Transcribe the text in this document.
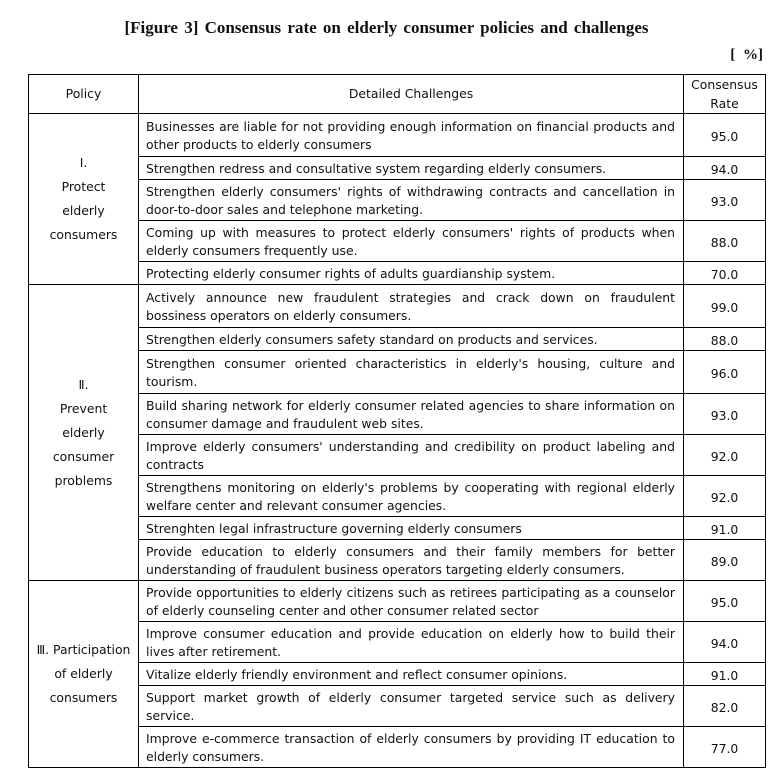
[Figure 3] Consensus rate on elderly consumer policies and challenges
[ %]
Policy	Detailed Challenges	Consensus
Rate
Ⅰ.
Protect
elderly
consumers	Businesses are liable for not providing enough information on financial products and other products to elderly consumers	95.0
	Strengthen redress and consultative system regarding elderly consumers.	94.0
	Strengthen elderly consumers' rights of withdrawing contracts and cancellation in door-to-door sales and telephone marketing.	93.0
	Coming up with measures to protect elderly consumers' rights of products when elderly consumers frequently use.	88.0
	Protecting elderly consumer rights of adults guardianship system.	70.0
Ⅱ.
Prevent
elderly
consumer
problems	Actively announce new fraudulent strategies and crack down on fraudulent bossiness operators on elderly consumers.	99.0
	Strengthen elderly consumers safety standard on products and services.	88.0
	Strengthen consumer oriented characteristics in elderly's housing, culture and tourism.	96.0
	Build sharing network for elderly consumer related agencies to share information on consumer damage and fraudulent web sites.	93.0
	Improve elderly consumers' understanding and credibility on product labeling and contracts	92.0
	Strengthens monitoring on elderly's problems by cooperating with regional elderly welfare center and relevant consumer agencies.	92.0
	Strenghten legal infrastructure governing elderly consumers	91.0
	Provide education to elderly consumers and their family members for better understanding of fraudulent business operators targeting elderly consumers.	89.0
Ⅲ. Participation
of elderly
consumers	Provide opportunities to elderly citizens such as retirees participating as a counselor of elderly counseling center and other consumer related sector	95.0
	Improve consumer education and provide education on elderly how to build their lives after retirement.	94.0
	Vitalize elderly friendly environment and reflect consumer opinions.	91.0
	Support market growth of elderly consumer targeted service such as delivery service.	82.0
	Improve e-commerce transaction of elderly consumers by providing IT education to elderly consumers.	77.0
